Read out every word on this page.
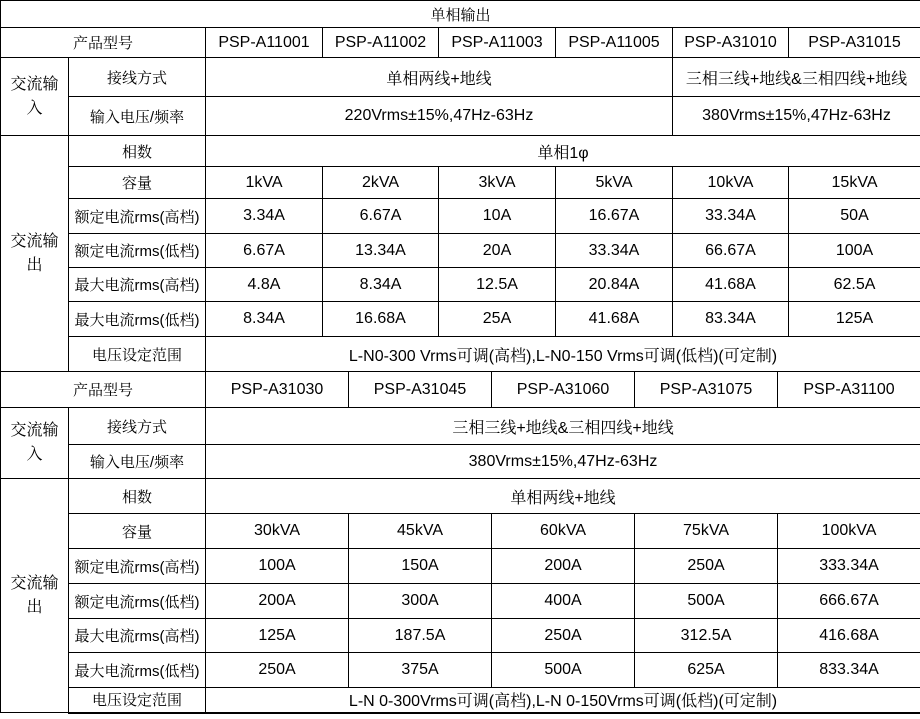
单相输出							
产品型号		PSP-A11001	PSP-A11002	PSP-A11003	PSP-A11005	PSP-A31010	PSP-A31015
交流输入	接线方式	单相两线+地线				三相三线+地线&三相四线+地线	
	输入电压/频率	220Vrms±15%,47Hz-63Hz				380Vrms±15%,47Hz-63Hz	
交流输出	相数	单相1φ					
	容量	1kVA	2kVA	3kVA	5kVA	10kVA	15kVA
	额定电流rms(高档)	3.34A	6.67A	10A	16.67A	33.34A	50A
	额定电流rms(低档)	6.67A	13.34A	20A	33.34A	66.67A	100A
	最大电流rms(高档)	4.8A	8.34A	12.5A	20.84A	41.68A	62.5A
	最大电流rms(低档)	8.34A	16.68A	25A	41.68A	83.34A	125A
	电压设定范围	L-N0-300 Vrms可调(高档),L-N0-150 Vrms可调(低档)(可定制)					
产品型号		PSP-A31030	PSP-A31045	PSP-A31060	PSP-A31075	PSP-A31100
交流输入	接线方式	三相三线+地线&三相四线+地线				
	输入电压/频率	380Vrms±15%,47Hz-63Hz				
交流输出	相数	单相两线+地线				
	容量	30kVA	45kVA	60kVA	75kVA	100kVA
	额定电流rms(高档)	100A	150A	200A	250A	333.34A
	额定电流rms(低档)	200A	300A	400A	500A	666.67A
	最大电流rms(高档)	125A	187.5A	250A	312.5A	416.68A
	最大电流rms(低档)	250A	375A	500A	625A	833.34A
	电压设定范围	L-N 0-300Vrms可调(高档),L-N 0-150Vrms可调(低档)(可定制)				
